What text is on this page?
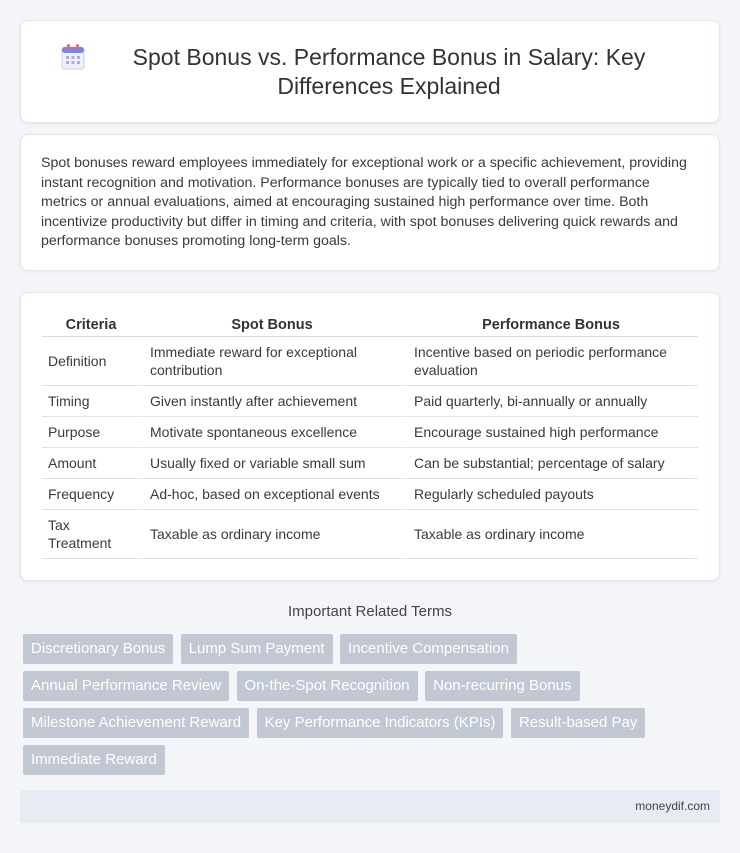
Spot Bonus vs. Performance Bonus in Salary: Key Differences Explained

Spot bonuses reward employees immediately for exceptional work or a specific achievement, providing instant recognition and motivation. Performance bonuses are typically tied to overall performance metrics or annual evaluations, aimed at encouraging sustained high performance over time. Both incentivize productivity but differ in timing and criteria, with spot bonuses delivering quick rewards and performance bonuses promoting long-term goals.

Criteria	Spot Bonus	Performance Bonus
Definition	Immediate reward for exceptional contribution	Incentive based on periodic performance evaluation
Timing	Given instantly after achievement	Paid quarterly, bi-annually or annually
Purpose	Motivate spontaneous excellence	Encourage sustained high performance
Amount	Usually fixed or variable small sum	Can be substantial; percentage of salary
Frequency	Ad-hoc, based on exceptional events	Regularly scheduled payouts
Tax Treatment	Taxable as ordinary income	Taxable as ordinary income
Important Related Terms
Discretionary Bonus Lump Sum Payment Incentive Compensation Annual Performance Review On-the-Spot Recognition Non-recurring Bonus Milestone Achievement Reward Key Performance Indicators (KPIs) Result-based Pay Immediate Reward
moneydif.com
